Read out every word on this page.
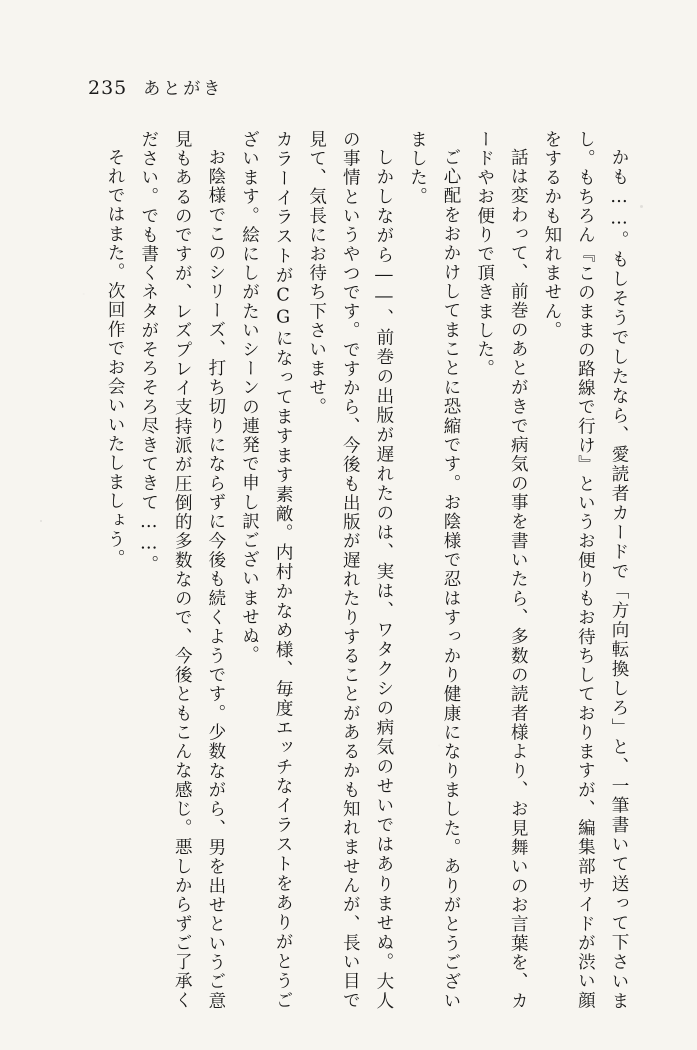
235 あとがき

かも……。もしそうでしたなら、愛読者カードで「方向転換しろ」と、一筆書いて送って下さいまし。もちろん『このままの路線で行け』というお便りもお待ちしておりますが、編集部サイドが渋い顔をするかも知れません。

話は変わって、前巻のあとがきで病気の事を書いたら、多数の読者様より、お見舞いのお言葉を、カードやお便りで頂きました。

ご心配をおかけしてまことに恐縮です。お陰様で忍はすっかり健康になりました。ありがとうございました。

しかしながら――、前巻の出版が遅れたのは、実は、ワタクシの病気のせいではありませぬ。大人の事情というやつです。ですから、今後も出版が遅れたりすることがあるかも知れませんが、長い目で見て、気長にお待ち下さいませ。

カラーイラストがCGになってますます素敵。内村かなめ様、毎度エッチなイラストをありがとうございます。絵にしがたいシーンの連発で申し訳ございませぬ。

お陰様でこのシリーズ、打ち切りにならずに今後も続くようです。少数ながら、男を出せというご意見もあるのですが、レズプレイ支持派が圧倒的多数なので、今後ともこんな感じ。悪しからずご了承ください。でも書くネタがそろそろ尽きてきて……。

それではまた。次回作でお会いいたしましょう。
